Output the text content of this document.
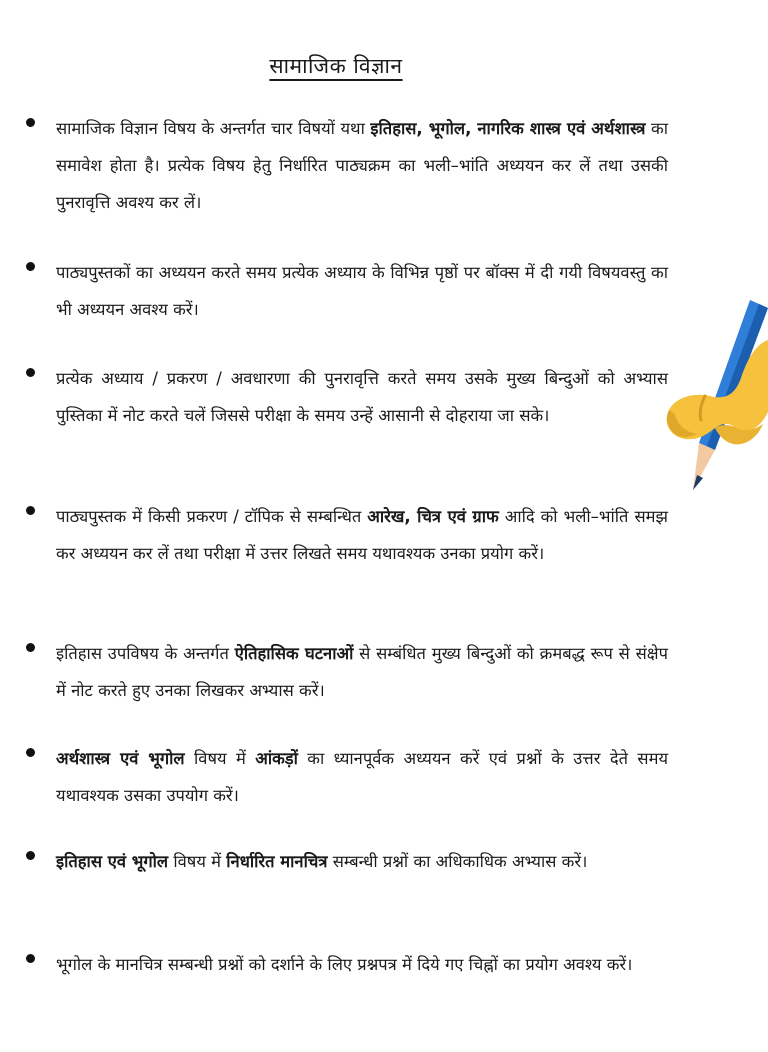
सामाजिक विज्ञान
सामाजिक विज्ञान विषय के अन्तर्गत चार विषयों यथा इतिहास, भूगोल, नागरिक शास्त्र एवं अर्थशास्त्र का समावेश होता है। प्रत्येक विषय हेतु निर्धारित पाठ्यक्रम का भली–भांति अध्ययन कर लें तथा उसकी पुनरावृत्ति अवश्य कर लें।
पाठ्यपुस्तकों का अध्ययन करते समय प्रत्येक अध्याय के विभिन्न पृष्ठों पर बॉक्स में दी गयी विषयवस्तु का भी अध्ययन अवश्य करें।
प्रत्येक अध्याय / प्रकरण / अवधारणा की पुनरावृत्ति करते समय उसके मुख्य बिन्दुओं को अभ्यास पुस्तिका में नोट करते चलें जिससे परीक्षा के समय उन्हें आसानी से दोहराया जा सके।
पाठ्यपुस्तक में किसी प्रकरण / टॉपिक से सम्बन्धित आरेख, चित्र एवं ग्राफ आदि को भली–भांति समझ कर अध्ययन कर लें तथा परीक्षा में उत्तर लिखते समय यथावश्यक उनका प्रयोग करें।
इतिहास उपविषय के अन्तर्गत ऐतिहासिक घटनाओं से सम्बंधित मुख्य बिन्दुओं को क्रमबद्ध रूप से संक्षेप में नोट करते हुए उनका लिखकर अभ्यास करें।
अर्थशास्त्र एवं भूगोल विषय में आंकड़ों का ध्यानपूर्वक अध्ययन करें एवं प्रश्नों के उत्तर देते समय यथावश्यक उसका उपयोग करें।
इतिहास एवं भूगोल विषय में निर्धारित मानचित्र सम्बन्धी प्रश्नों का अधिकाधिक अभ्यास करें।
भूगोल के मानचित्र सम्बन्धी प्रश्नों को दर्शाने के लिए प्रश्नपत्र में दिये गए चिह्नों का प्रयोग अवश्य करें।
